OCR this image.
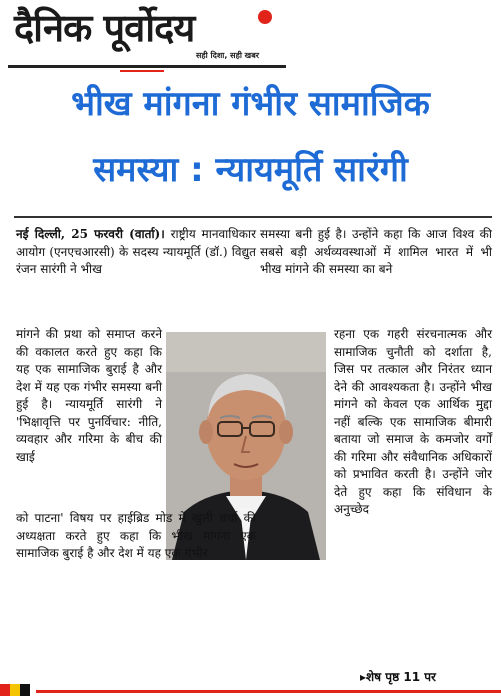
दैनिक पूर्वोदय
सही दिशा, सही खबर
भीख मांगना गंभीर सामाजिक
समस्या : न्यायमूर्ति सारंगी

नई दिल्ली, 25 फरवरी (वार्ता)। राष्ट्रीय मानवाधिकार आयोग (एनएचआरसी) के सदस्य न्यायमूर्ति (डॉ.) विद्युत रंजन सारंगी ने भीख

मांगने की प्रथा को समाप्त करने की वकालत करते हुए कहा कि यह एक सामाजिक बुराई है और देश में यह एक गंभीर समस्या बनी हुई है। न्यायमूर्ति सारंगी ने 'भिक्षावृत्ति पर पुनर्विचार: नीति, व्यवहार और गरिमा के बीच की खाई

को पाटना' विषय पर हाईब्रिड मोड में खुली चर्चा की अध्यक्षता करते हुए कहा कि भीख मांगना एक सामाजिक बुराई है और देश में यह एक गंभीर

समस्या बनी हुई है। उन्होंने कहा कि आज विश्व की सबसे बड़ी अर्थव्यवस्थाओं में शामिल भारत में भी भीख मांगने की समस्या का बने

रहना एक गहरी संरचनात्मक और सामाजिक चुनौती को दर्शाता है, जिस पर तत्काल और निरंतर ध्यान देने की आवश्यकता है। उन्होंने भीख मांगने को केवल एक आर्थिक मुद्दा नहीं बल्कि एक सामाजिक बीमारी बताया जो समाज के कमजोर वर्गों की गरिमा और संवैधानिक अधिकारों को प्रभावित करती है। उन्होंने जोर देते हुए कहा कि संविधान के अनुच्छेद

▸शेष पृष्ठ 11 पर
